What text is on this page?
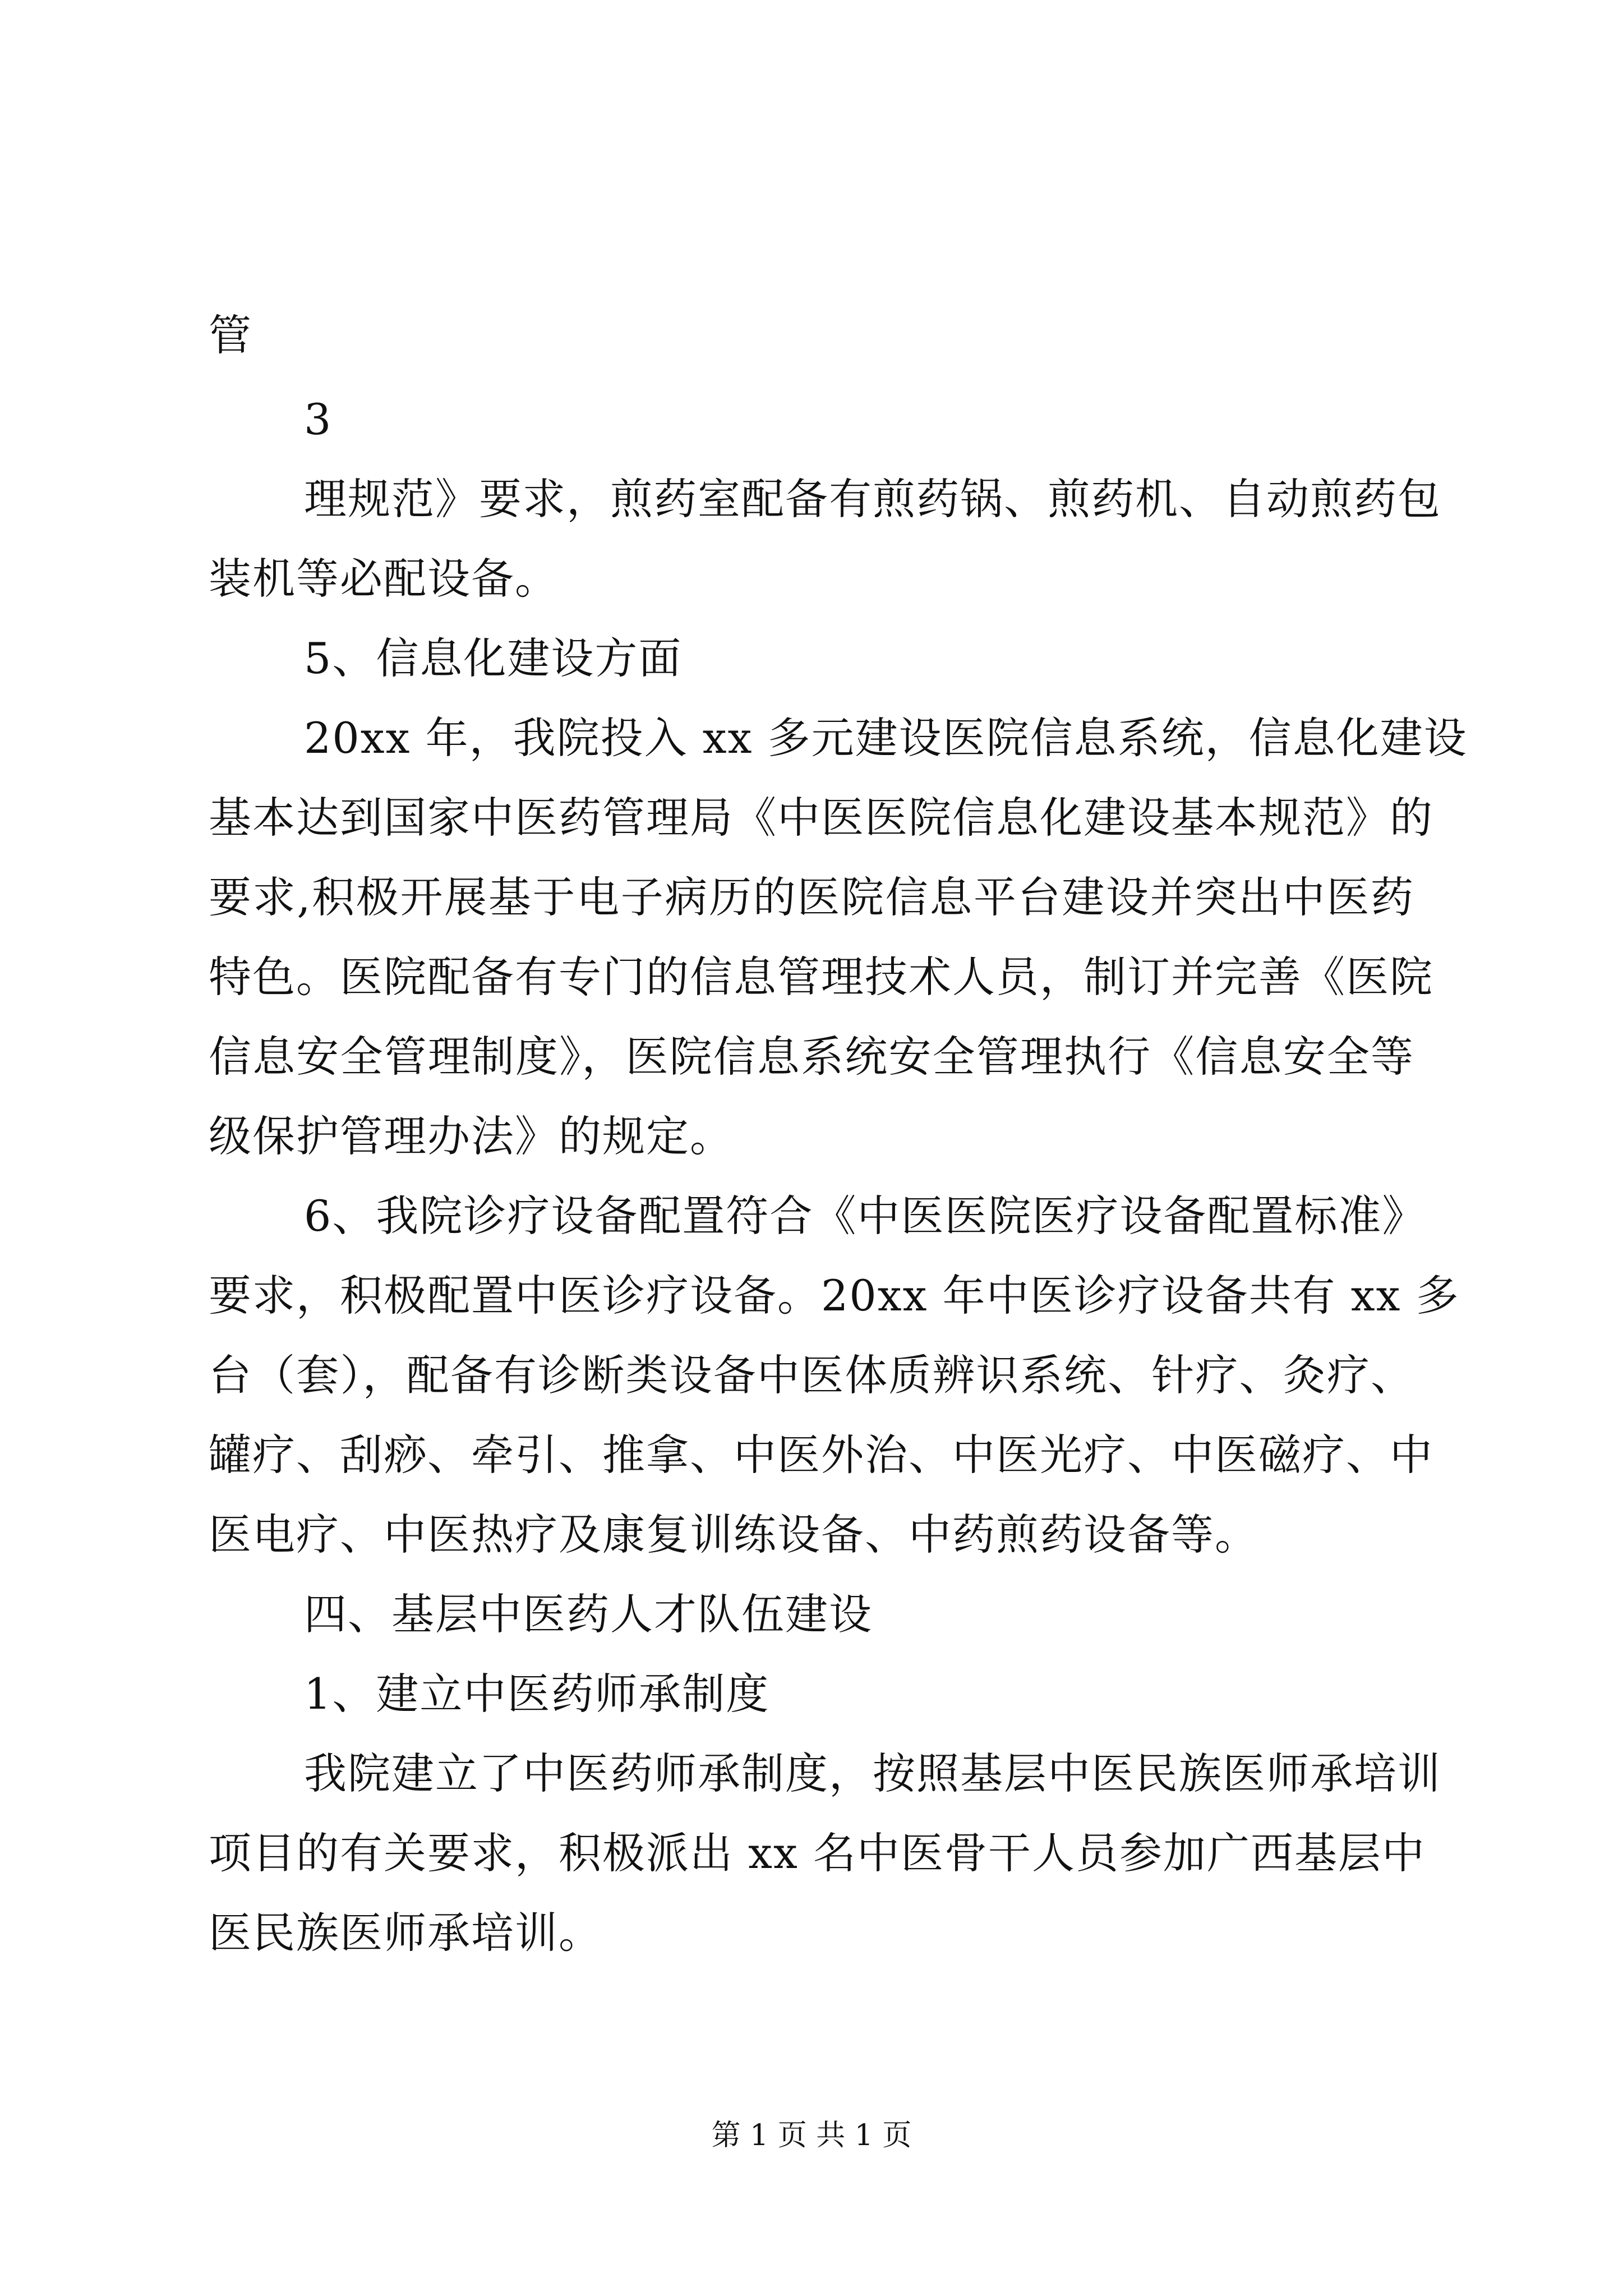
管
3
理规范》要求，煎药室配备有煎药锅、煎药机、自动煎药包
装机等必配设备。
5、信息化建设方面
20xx 年，我院投入 xx 多元建设医院信息系统，信息化建设
基本达到国家中医药管理局《中医医院信息化建设基本规范》的
要求,积极开展基于电子病历的医院信息平台建设并突出中医药
特色。医院配备有专门的信息管理技术人员，制订并完善《医院
信息安全管理制度》，医院信息系统安全管理执行《信息安全等
级保护管理办法》的规定。
6、我院诊疗设备配置符合《中医医院医疗设备配置标准》
要求，积极配置中医诊疗设备。20xx 年中医诊疗设备共有 xx 多
台（套），配备有诊断类设备中医体质辨识系统、针疗、灸疗、
罐疗、刮痧、牵引、推拿、中医外治、中医光疗、中医磁疗、中
医电疗、中医热疗及康复训练设备、中药煎药设备等。
四、基层中医药人才队伍建设
1、建立中医药师承制度
我院建立了中医药师承制度，按照基层中医民族医师承培训
项目的有关要求，积极派出 xx 名中医骨干人员参加广西基层中
医民族医师承培训。
第 1 页 共 1 页
